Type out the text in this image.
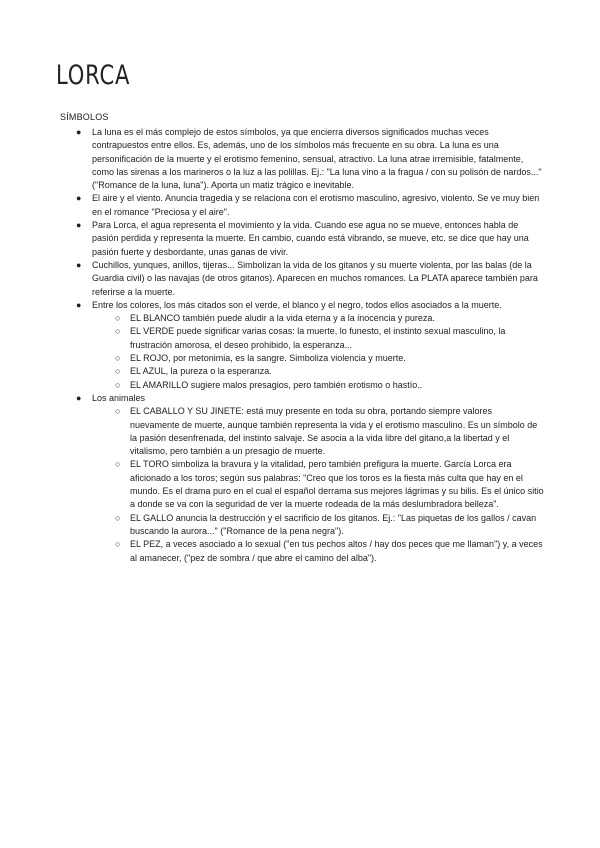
LORCA
SÍMBOLOS
● La luna es el más complejo de estos símbolos, ya que encierra diversos significados muchas veces contrapuestos entre ellos. Es, además, uno de los símbolos más frecuente en su obra. La luna es una personificación de la muerte y el erotismo femenino, sensual, atractivo. La luna atrae irremisible, fatalmente, como las sirenas a los marineros o la luz a las polillas. Ej.: "La luna vino a la fragua / con su polisón de nardos..." ("Romance de la luna, luna"). Aporta un matiz trágico e inevitable.
● El aire y el viento. Anuncia tragedia y se relaciona con el erotismo masculino, agresivo, violento. Se ve muy bien en el romance "Preciosa y el aire".
● Para Lorca, el agua representa el movimiento y la vida. Cuando ese agua no se mueve, entonces habla de pasión perdida y representa la muerte. En cambio, cuando está vibrando, se mueve, etc. se dice que hay una pasión fuerte y desbordante, unas ganas de vivir.
● Cuchillos, yunques, anillos, tijeras... Simbolizan la vida de los gitanos y su muerte violenta, por las balas (de la Guardia civil) o las navajas (de otros gitanos). Aparecen en muchos romances. La PLATA aparece también para referirse a la muerte.
● Entre los colores, los más citados son el verde, el blanco y el negro, todos ellos asociados a la muerte.
○ EL BLANCO también puede aludir a la vida eterna y a la inocencia y pureza.
○ EL VERDE puede significar varias cosas: la muerte, lo funesto, el instinto sexual masculino, la frustración amorosa, el deseo prohibido, la esperanza...
○ EL ROJO, por metonimia, es la sangre. Simboliza violencia y muerte.
○ EL AZUL, la pureza o la esperanza.
○ EL AMARILLO sugiere malos presagios, pero también erotismo o hastío..
● Los animales
○ EL CABALLO Y SU JINETE: está muy presente en toda su obra, portando siempre valores nuevamente de muerte, aunque también representa la vida y el erotismo masculino. Es un símbolo de la pasión desenfrenada, del instinto salvaje. Se asocia a la vida libre del gitano,a la libertad y el vitalismo, pero también a un presagio de muerte.
○ EL TORO simboliza la bravura y la vitalidad, pero también prefigura la muerte. García Lorca era aficionado a los toros; según sus palabras: "Creo que los toros es la fiesta más culta que hay en el mundo. Es el drama puro en el cual el español derrama sus mejores lágrimas y su bilis. Es el único sitio a donde se va con la seguridad de ver la muerte rodeada de la más deslumbradora belleza".
○ EL GALLO anuncia la destrucción y el sacrificio de los gitanos. Ej.: "Las piquetas de los gallos / cavan buscando la aurora..." ("Romance de la pena negra").
○ EL PEZ, a veces asociado a lo sexual ("en tus pechos altos / hay dos peces que me llaman") y, a veces al amanecer, ("pez de sombra / que abre el camino del alba").
